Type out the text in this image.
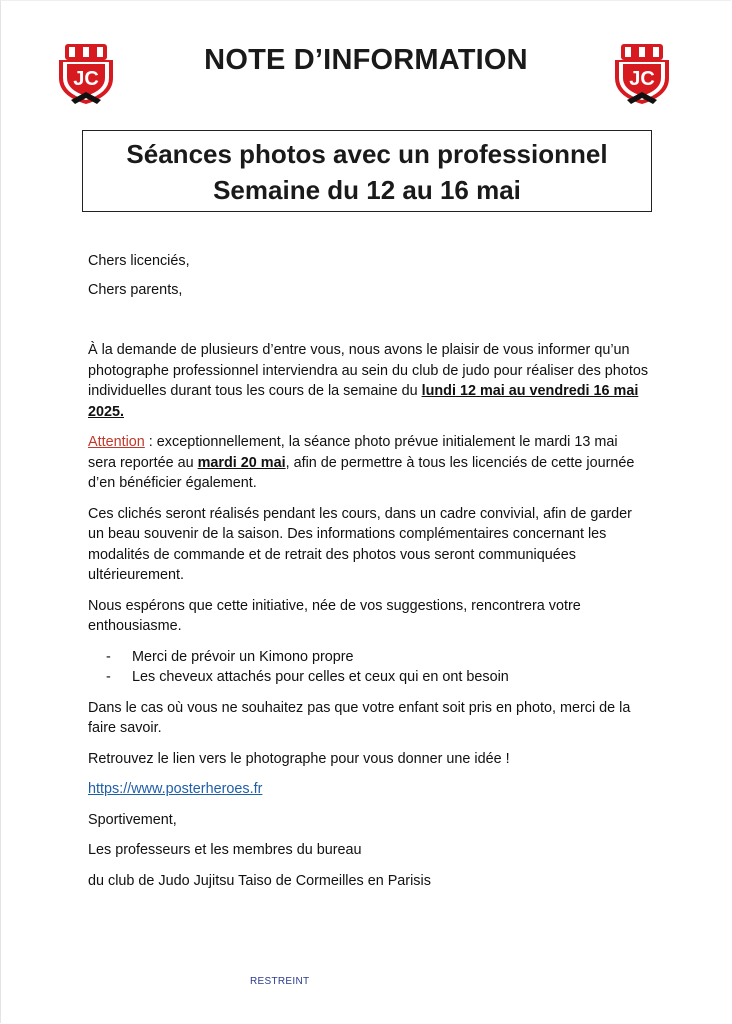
JC
NOTE D’INFORMATION
JC
Séances photos avec un professionnel
Semaine du 12 au 16 mai

Chers licenciés,

Chers parents,

À la demande de plusieurs d’entre vous, nous avons le plaisir de vous informer qu’un photographe professionnel interviendra au sein du club de judo pour réaliser des photos individuelles durant tous les cours de la semaine du lundi 12 mai au vendredi 16 mai 2025.

Attention : exceptionnellement, la séance photo prévue initialement le mardi 13 mai sera reportée au mardi 20 mai, afin de permettre à tous les licenciés de cette journée d’en bénéficier également.

Ces clichés seront réalisés pendant les cours, dans un cadre convivial, afin de garder un beau souvenir de la saison. Des informations complémentaires concernant les modalités de commande et de retrait des photos vous seront communiquées ultérieurement.

Nous espérons que cette initiative, née de vos suggestions, rencontrera votre enthousiasme.

- Merci de prévoir un Kimono propre
- Les cheveux attachés pour celles et ceux qui en ont besoin

Dans le cas où vous ne souhaitez pas que votre enfant soit pris en photo, merci de la faire savoir.

Retrouvez le lien vers le photographe pour vous donner une idée !

https://www.posterheroes.fr

Sportivement,

Les professeurs et les membres du bureau

du club de Judo Jujitsu Taiso de Cormeilles en Parisis

RESTREINT
